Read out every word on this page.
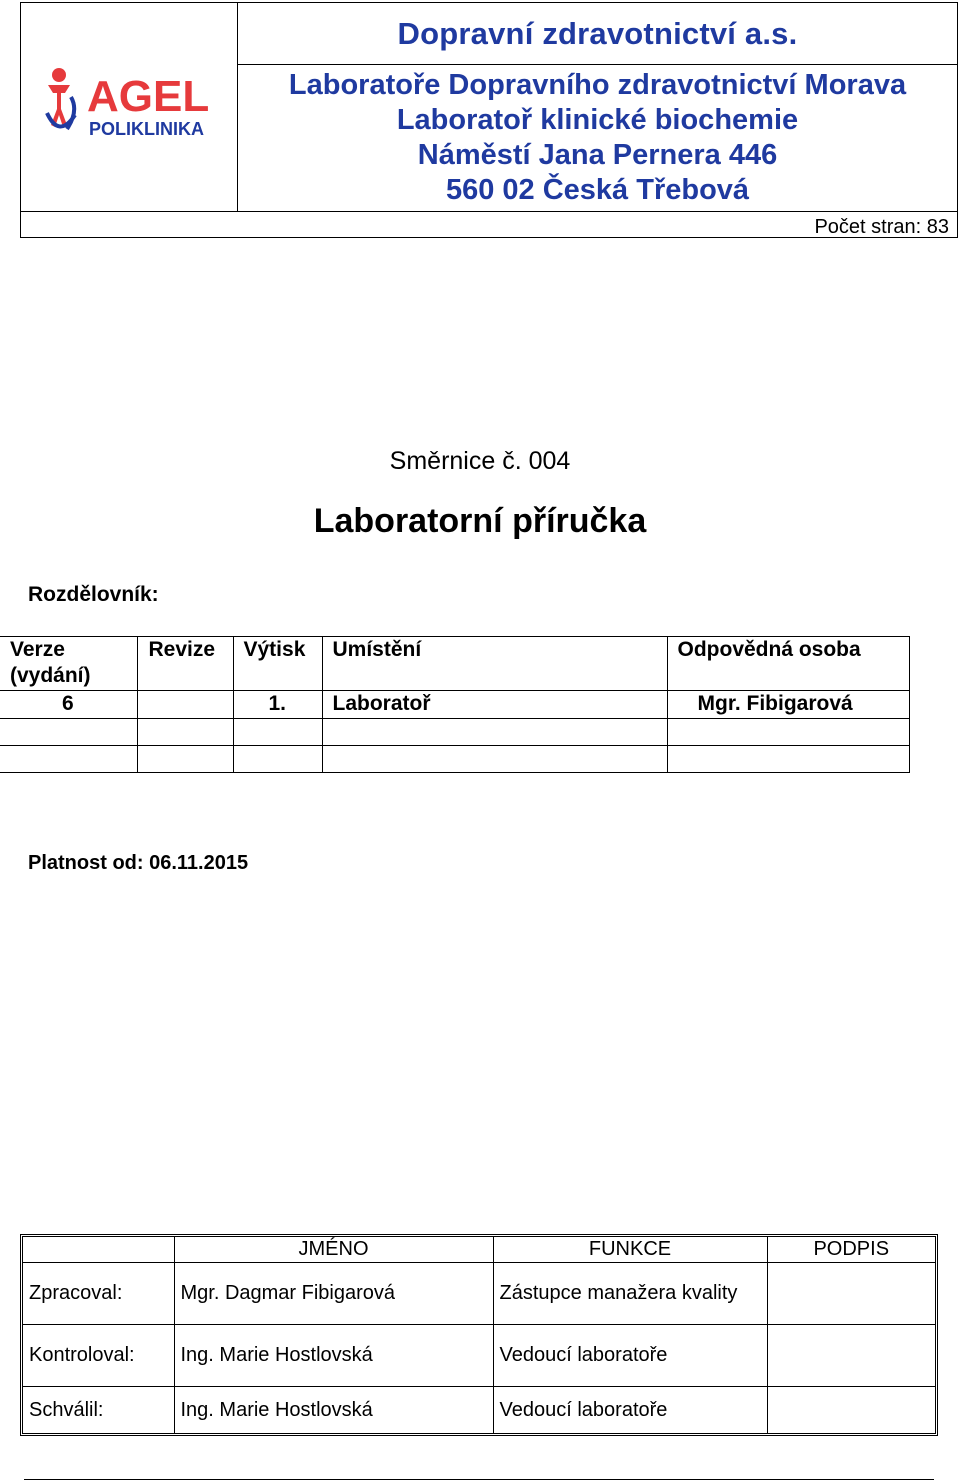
AGEL
POLIKLINIKA
Dopravní zdravotnictví a.s.
Laboratoře Dopravního zdravotnictví Morava
Laboratoř klinické biochemie
Náměstí Jana Pernera 446
560 02 Česká Třebová
Počet stran: 83
Směrnice č. 004
Laboratorní příručka
Rozdělovník:
Verze
(vydání)	Revize	Výtisk	Umístění	Odpovědná osoba

6		1.	Laboratoř	Mgr. Fibigarová

Platnost od: 06.11.2015
	JMÉNO	FUNKCE	PODPIS
Zpracoval:	Mgr. Dagmar Fibigarová	Zástupce manažera kvality	
Kontroloval:	Ing. Marie Hostlovská	Vedoucí laboratoře	
Schválil:	Ing. Marie Hostlovská	Vedoucí laboratoře	
